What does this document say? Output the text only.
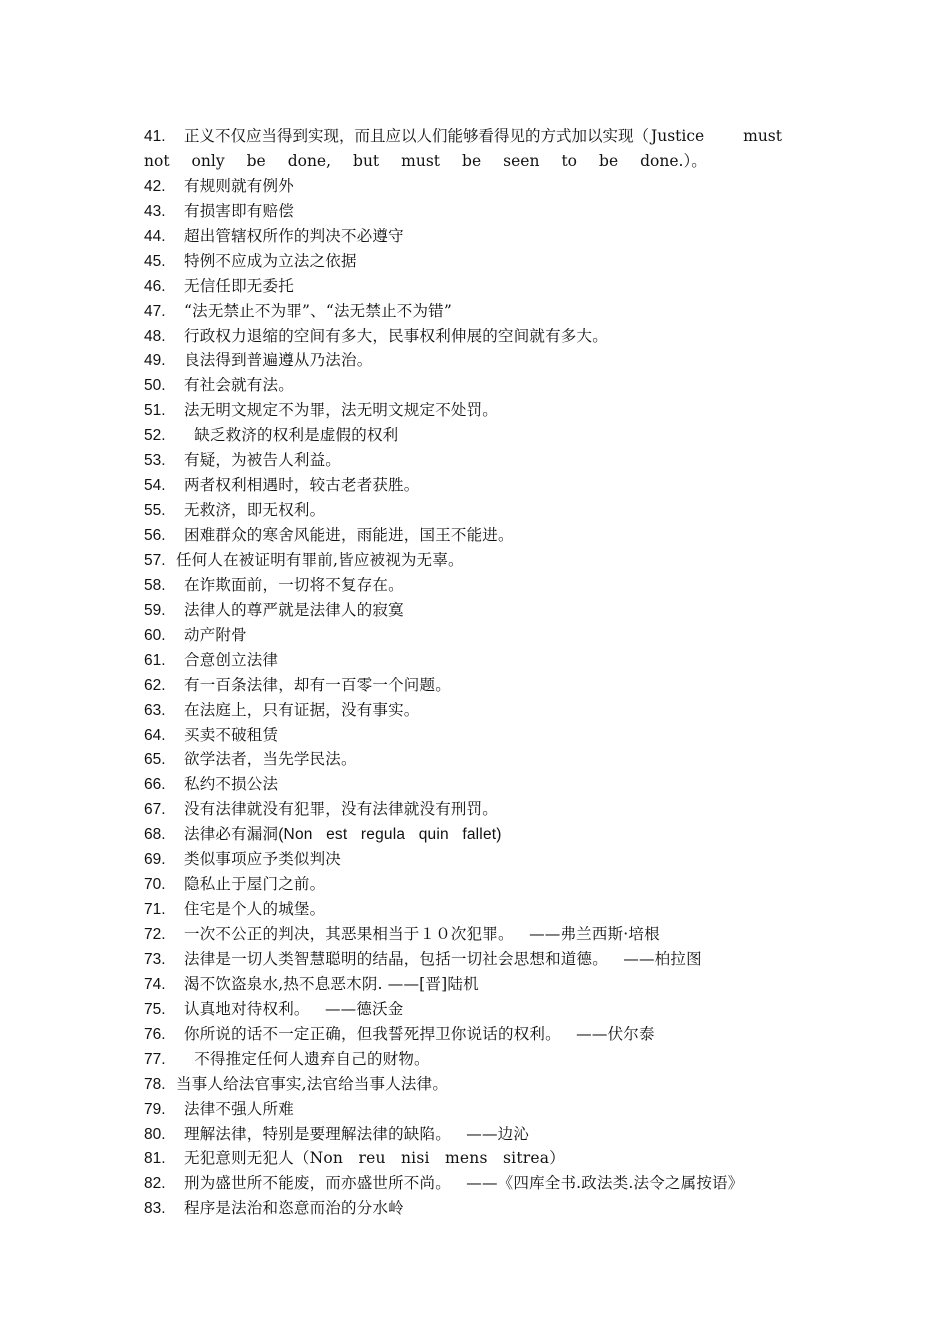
41. 正义不仅应当得到实现，而且应以人们能够看得见的方式加以实现（ Justice	must
not only be done, but must be seen to be done.）。
42. 有规则就有例外
43. 有损害即有赔偿
44. 超出管辖权所作的判决不必遵守
45. 特例不应成为立法之依据
46. 无信任即无委托
47. “法无禁止不为罪”、“法无禁止不为错”
48. 行政权力退缩的空间有多大，民事权利伸展的空间就有多大。
49. 良法得到普遍遵从乃法治。
50. 有社会就有法。
51. 法无明文规定不为罪，法无明文规定不处罚。
52.  缺乏救济的权利是虚假的权利
53. 有疑，为被告人利益。
54. 两者权利相遇时，较古老者获胜。
55. 无救济，即无权利。
56. 困难群众的寒舍风能进，雨能进，国王不能进。
57. 任何人在被证明有罪前,皆应被视为无辜。
58. 在诈欺面前，一切将不复存在。
59. 法律人的尊严就是法律人的寂寞
60. 动产附骨
61. 合意创立法律
62. 有一百条法律，却有一百零一个问题。
63. 在法庭上，只有证据，没有事实。
64. 买卖不破租赁
65. 欲学法者，当先学民法。
66. 私约不损公法
67. 没有法律就没有犯罪，没有法律就没有刑罚。
68. 法律必有漏洞(Non   est   regula   quin   fallet)
69. 类似事项应予类似判决
70. 隐私止于屋门之前。
71. 住宅是个人的城堡。
72. 一次不公正的判决，其恶果相当于１０次犯罪。   ——弗兰西斯·培根
73. 法律是一切人类智慧聪明的结晶，包括一切社会思想和道德。   ——柏拉图
74. 渴不饮盗泉水,热不息恶木阴. ——[晋]陆机
75. 认真地对待权利。   ——德沃金
76. 你所说的话不一定正确，但我誓死捍卫你说话的权利。   ——伏尔泰
77.  不得推定任何人遗弃自己的财物。
78. 当事人给法官事实,法官给当事人法律。
79. 法律不强人所难
80. 理解法律，特别是要理解法律的缺陷。   ——边沁
81. 无犯意则无犯人（Non   reu   nisi   mens   sitrea）
82. 刑为盛世所不能废，而亦盛世所不尚。   ——《四库全书.政法类.法令之属按语》
83. 程序是法治和恣意而治的分水岭
